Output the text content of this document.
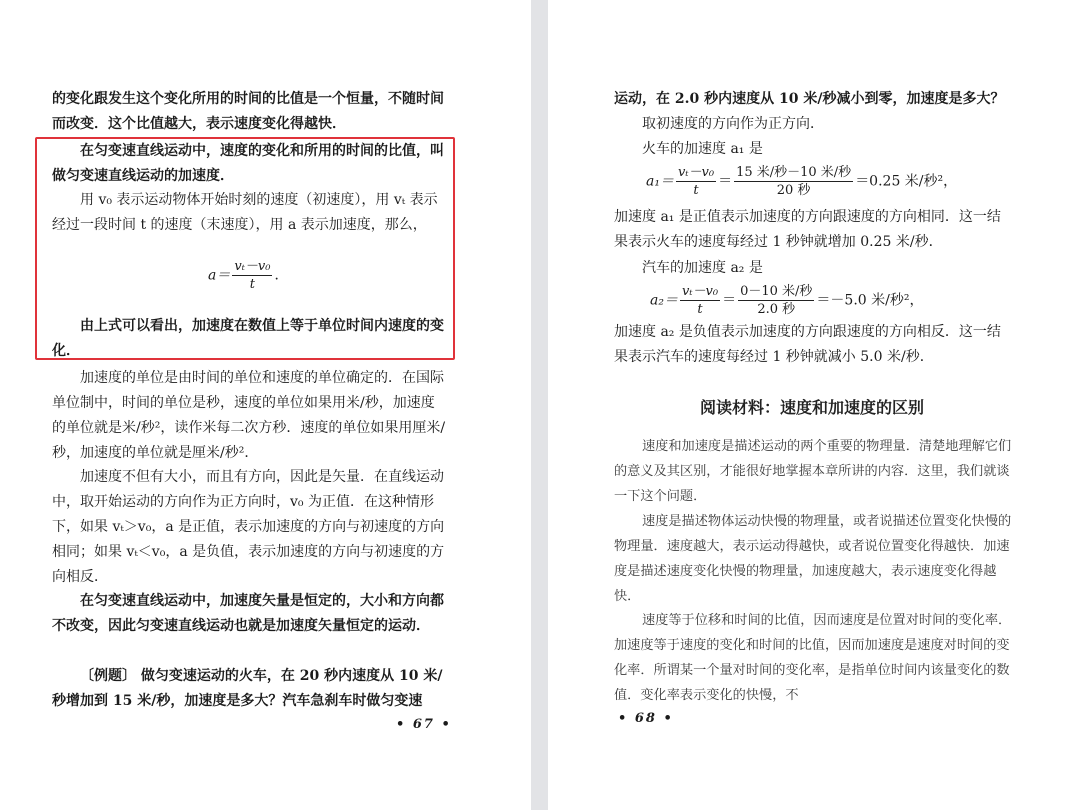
的变化跟发生这个变化所用的时间的比值是一个恒量，不随时间而改变．这个比值越大，表示速度变化得越快．

在匀变速直线运动中，速度的变化和所用的时间的比值，叫做匀变速直线运动的加速度．

用 v₀ 表示运动物体开始时刻的速度（初速度），用 vₜ 表示经过一段时间 t 的速度（末速度），用 a 表示加速度，那么，

$a= \frac{\text{vₜ－v₀}}{t}$ ．

由上式可以看出，加速度在数值上等于单位时间内速度的变化．

加速度的单位是由时间的单位和速度的单位确定的．在国际单位制中，时间的单位是秒，速度的单位如果用米/秒，加速度的单位就是米/秒²，读作米每二次方秒．速度的单位如果用厘米/秒，加速度的单位就是厘米/秒²．

加速度不但有大小，而且有方向，因此是矢量．在直线运动中，取开始运动的方向作为正方向时，v₀ 为正值．在这种情形下，如果 vₜ＞v₀，a 是正值，表示加速度的方向与初速度的方向相同；如果 vₜ＜v₀，a 是负值，表示加速度的方向与初速度的方向相反．

在匀变速直线运动中，加速度矢量是恒定的，大小和方向都不改变，因此匀变速直线运动也就是加速度矢量恒定的运动．

〔例题〕 做匀变速运动的火车，在 20 秒内速度从 10 米/秒增加到 15 米/秒，加速度是多大？汽车急刹车时做匀变速

• 67 •

运动，在 2.0 秒内速度从 10 米/秒减小到零，加速度是多大？

取初速度的方向作为正方向．

火车的加速度 a₁ 是

$a_1= \frac{\text{vₜ－v₀}}{t} = \frac{\text{15 米/秒－10 米/秒}}{\text{20 秒}} =0.25$ 米/秒²，

加速度 a₁ 是正值表示加速度的方向跟速度的方向相同．这一结果表示火车的速度每经过 1 秒钟就增加 0.25 米/秒．

汽车的加速度 a₂ 是

$a_2= \frac{\text{vₜ－v₀}}{t} = \frac{\text{0－10 米/秒}}{\text{2.0 秒}} =-5.0$ 米/秒²，

加速度 a₂ 是负值表示加速度的方向跟速度的方向相反．这一结果表示汽车的速度每经过 1 秒钟就减小 5.0 米/秒．

阅读材料：速度和加速度的区别

速度和加速度是描述运动的两个重要的物理量．清楚地理解它们的意义及其区别，才能很好地掌握本章所讲的内容．这里，我们就谈一下这个问题．

速度是描述物体运动快慢的物理量，或者说描述位置变化快慢的物理量．速度越大，表示运动得越快，或者说位置变化得越快．加速度是描述速度变化快慢的物理量，加速度越大，表示速度变化得越快．

速度等于位移和时间的比值，因而速度是位置对时间的变化率．加速度等于速度的变化和时间的比值，因而加速度是速度对时间的变化率．所谓某一个量对时间的变化率，是指单位时间内该量变化的数值．变化率表示变化的快慢，不

• 68 •
